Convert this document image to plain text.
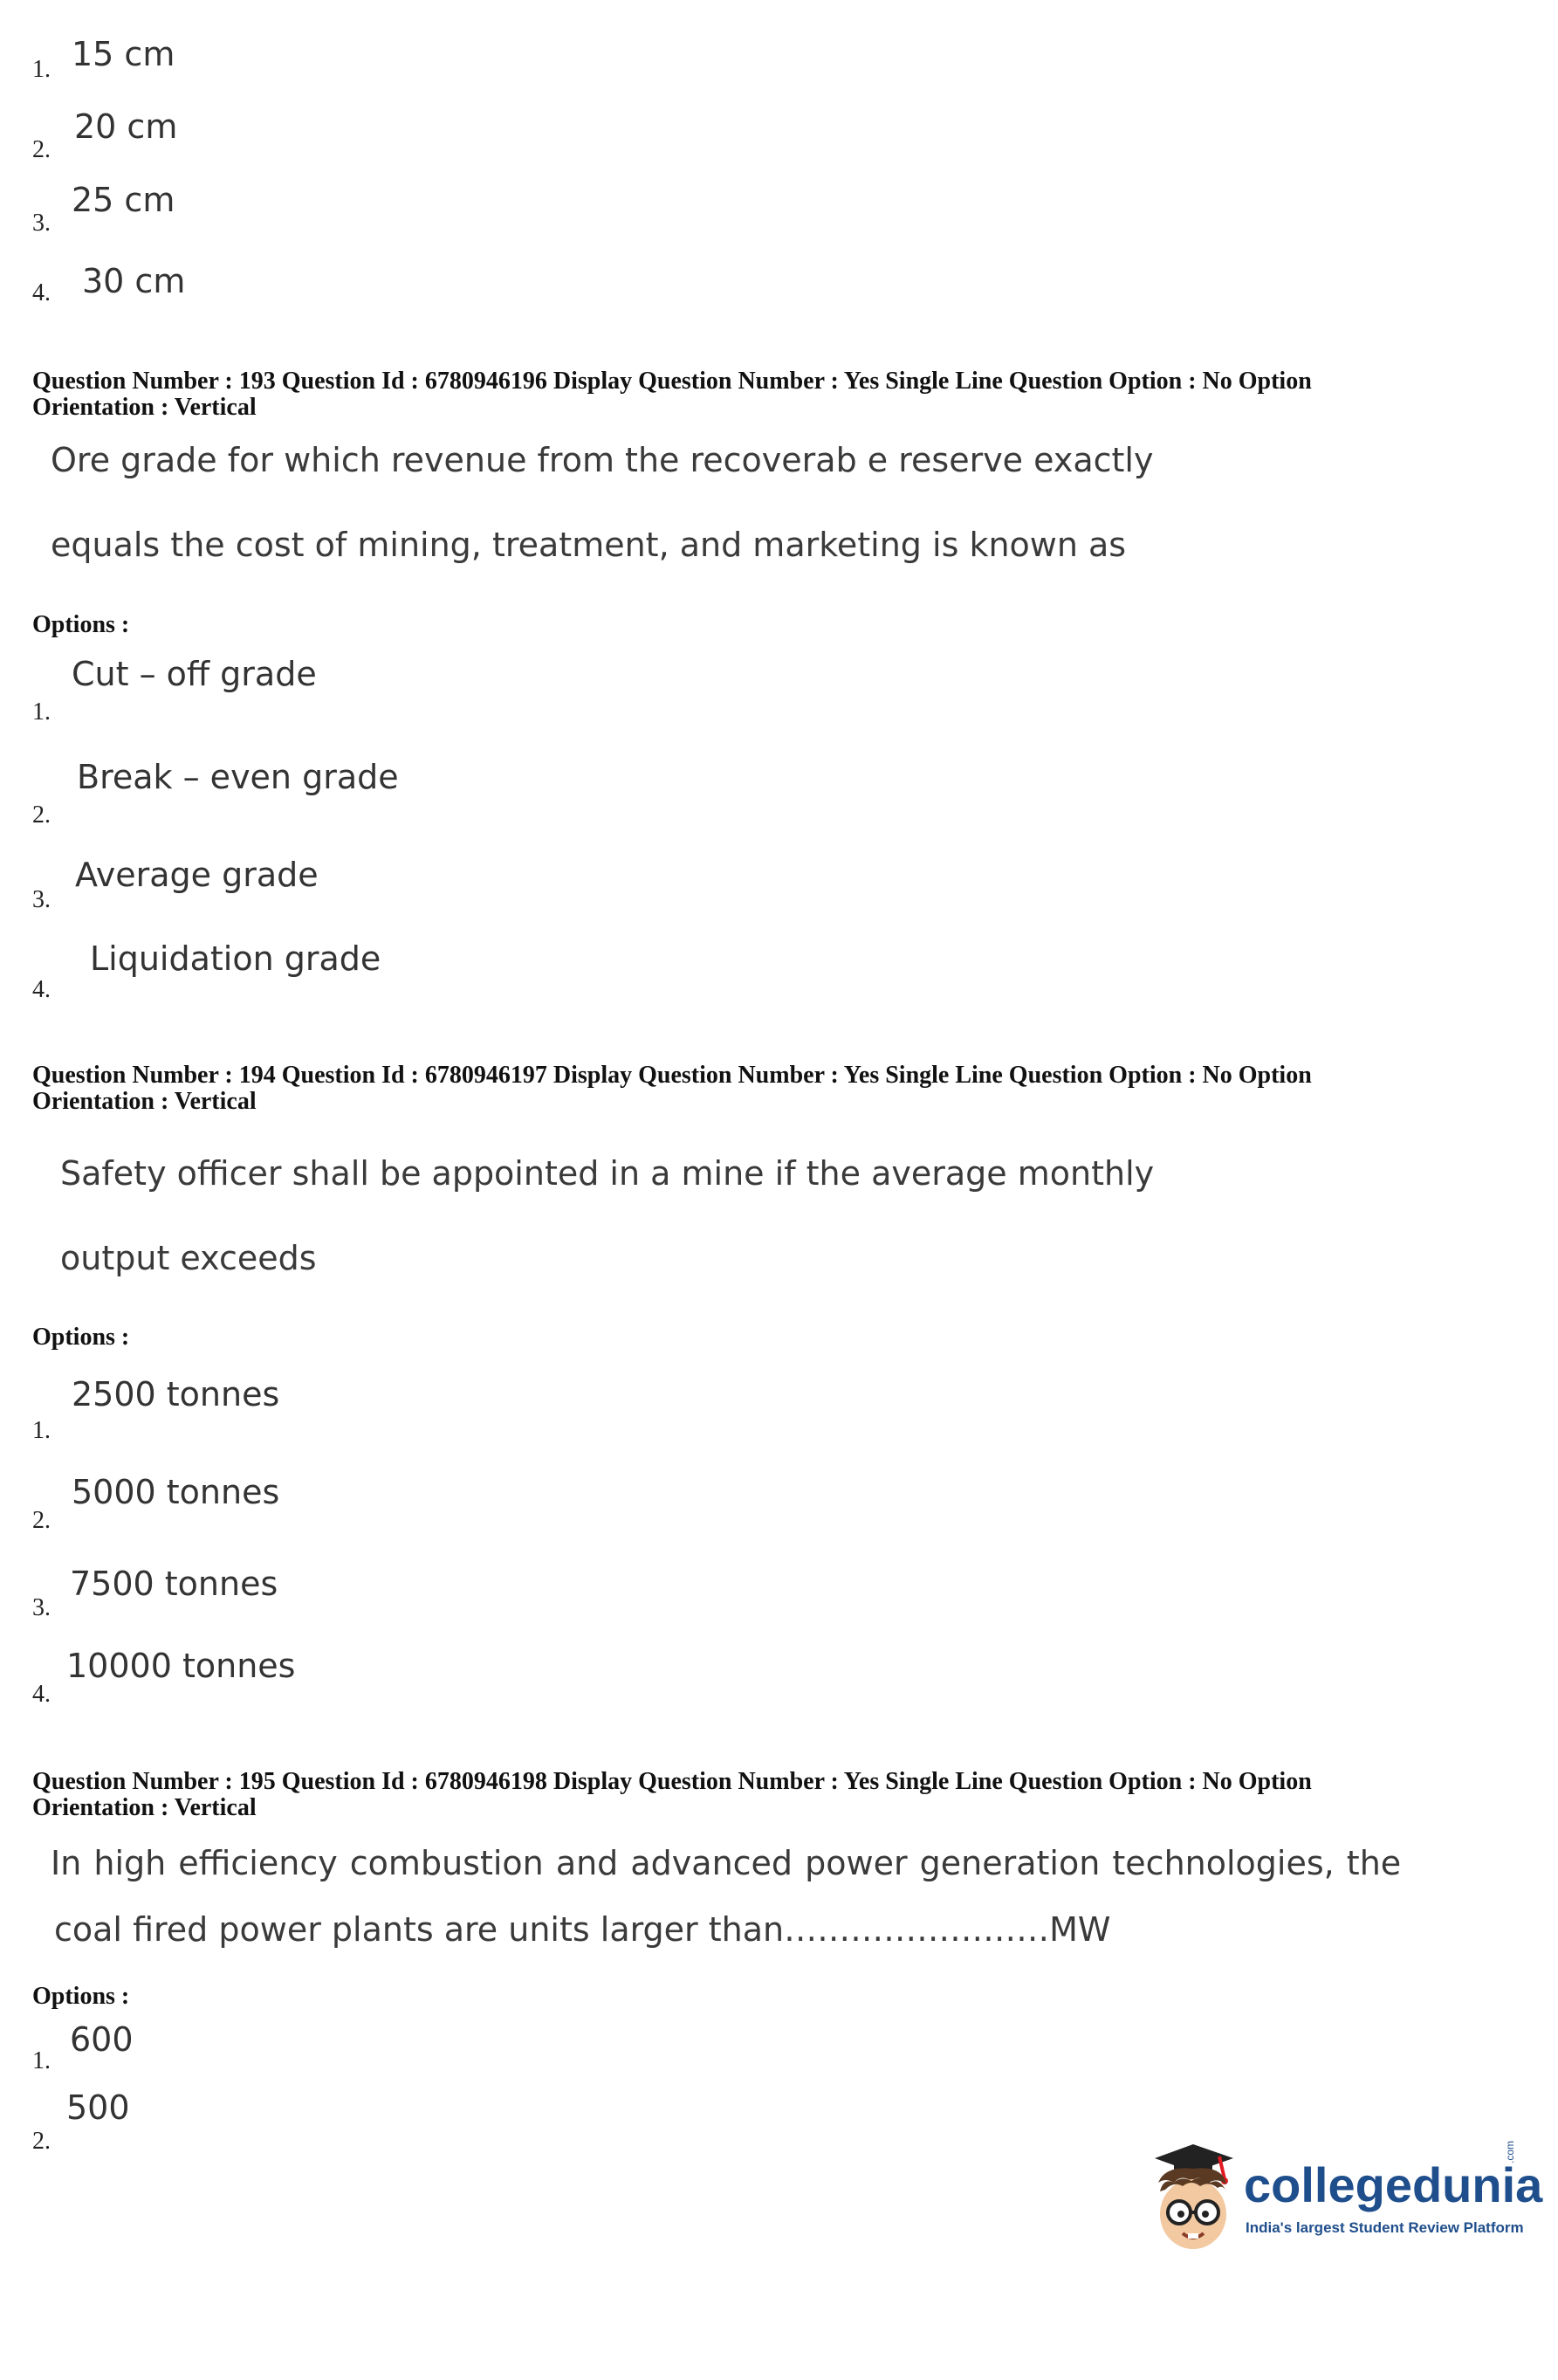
1. 15 cm
2.
20 cm
3.
25 cm
4. 30 cm
Question Number : 193 Question Id : 6780946196 Display Question Number : Yes Single Line Question Option : No Option
Orientation : Vertical
Ore grade for which revenue from the recoverab e reserve exactly
equals the cost of mining, treatment, and marketing is known as
Options :
1.
Cut – off grade
2.
Break – even grade
3.
Average grade
4.
Liquidation grade
Question Number : 194 Question Id : 6780946197 Display Question Number : Yes Single Line Question Option : No Option
Orientation : Vertical
Safety officer shall be appointed in a mine if the average monthly
output exceeds
Options :
1.
2500 tonnes
2.
5000 tonnes
3.
7500 tonnes
4.
10000 tonnes
Question Number : 195 Question Id : 6780946198 Display Question Number : Yes Single Line Question Option : No Option
Orientation : Vertical
In high efficiency combustion and advanced power generation technologies, the
coal fired power plants are units larger than……………………MW
Options :
1.
600
2.
500
collegedunia
.com
India's largest Student Review Platform
